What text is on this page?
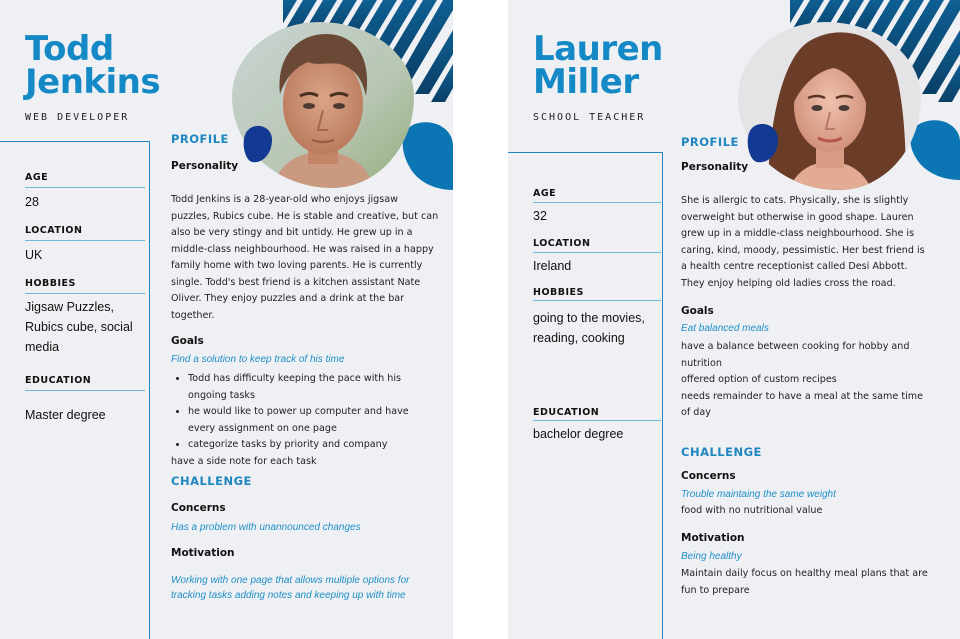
Todd
Jenkins
WEB DEVELOPER
AGE
28
LOCATION
UK
HOBBIES
Jigsaw Puzzles,
Rubics cube, social
media
EDUCATION
Master degree
PROFILE
Personality
Todd Jenkins is a 28-year-old who enjoys jigsaw
puzzles, Rubics cube. He is stable and creative, but can
also be very stingy and bit untidy. He grew up in a
middle-class neighbourhood. He was raised in a happy
family home with two loving parents. He is currently
single. Todd's best friend is a kitchen assistant Nate
Oliver. They enjoy puzzles and a drink at the bar
together.
Goals
Find a solution to keep track of his time
• Todd has difficulty keeping the pace with his
ongoing tasks
• he would like to power up computer and have
every assignment on one page
• categorize tasks by priority and company
have a side note for each task
CHALLENGE
Concerns
Has a problem with unannounced changes
Motivation
Working with one page that allows multiple options for
tracking tasks adding notes and keeping up with time
Lauren
Miller
SCHOOL TEACHER
AGE
32
LOCATION
Ireland
HOBBIES
going to the movies,
reading, cooking
EDUCATION
bachelor degree
PROFILE
Personality
She is allergic to cats. Physically, she is slightly
overweight but otherwise in good shape. Lauren
grew up in a middle-class neighbourhood. She is
caring, kind, moody, pessimistic. Her best friend is
a health centre receptionist called Desi Abbott.
They enjoy helping old ladies cross the road.
Goals
Eat balanced meals
have a balance between cooking for hobby and
nutrition
offered option of custom recipes
needs remainder to have a meal at the same time
of day
CHALLENGE
Concerns
Trouble maintaing the same weight
food with no nutritional value
Motivation
Being healthy
Maintain daily focus on healthy meal plans that are
fun to prepare
